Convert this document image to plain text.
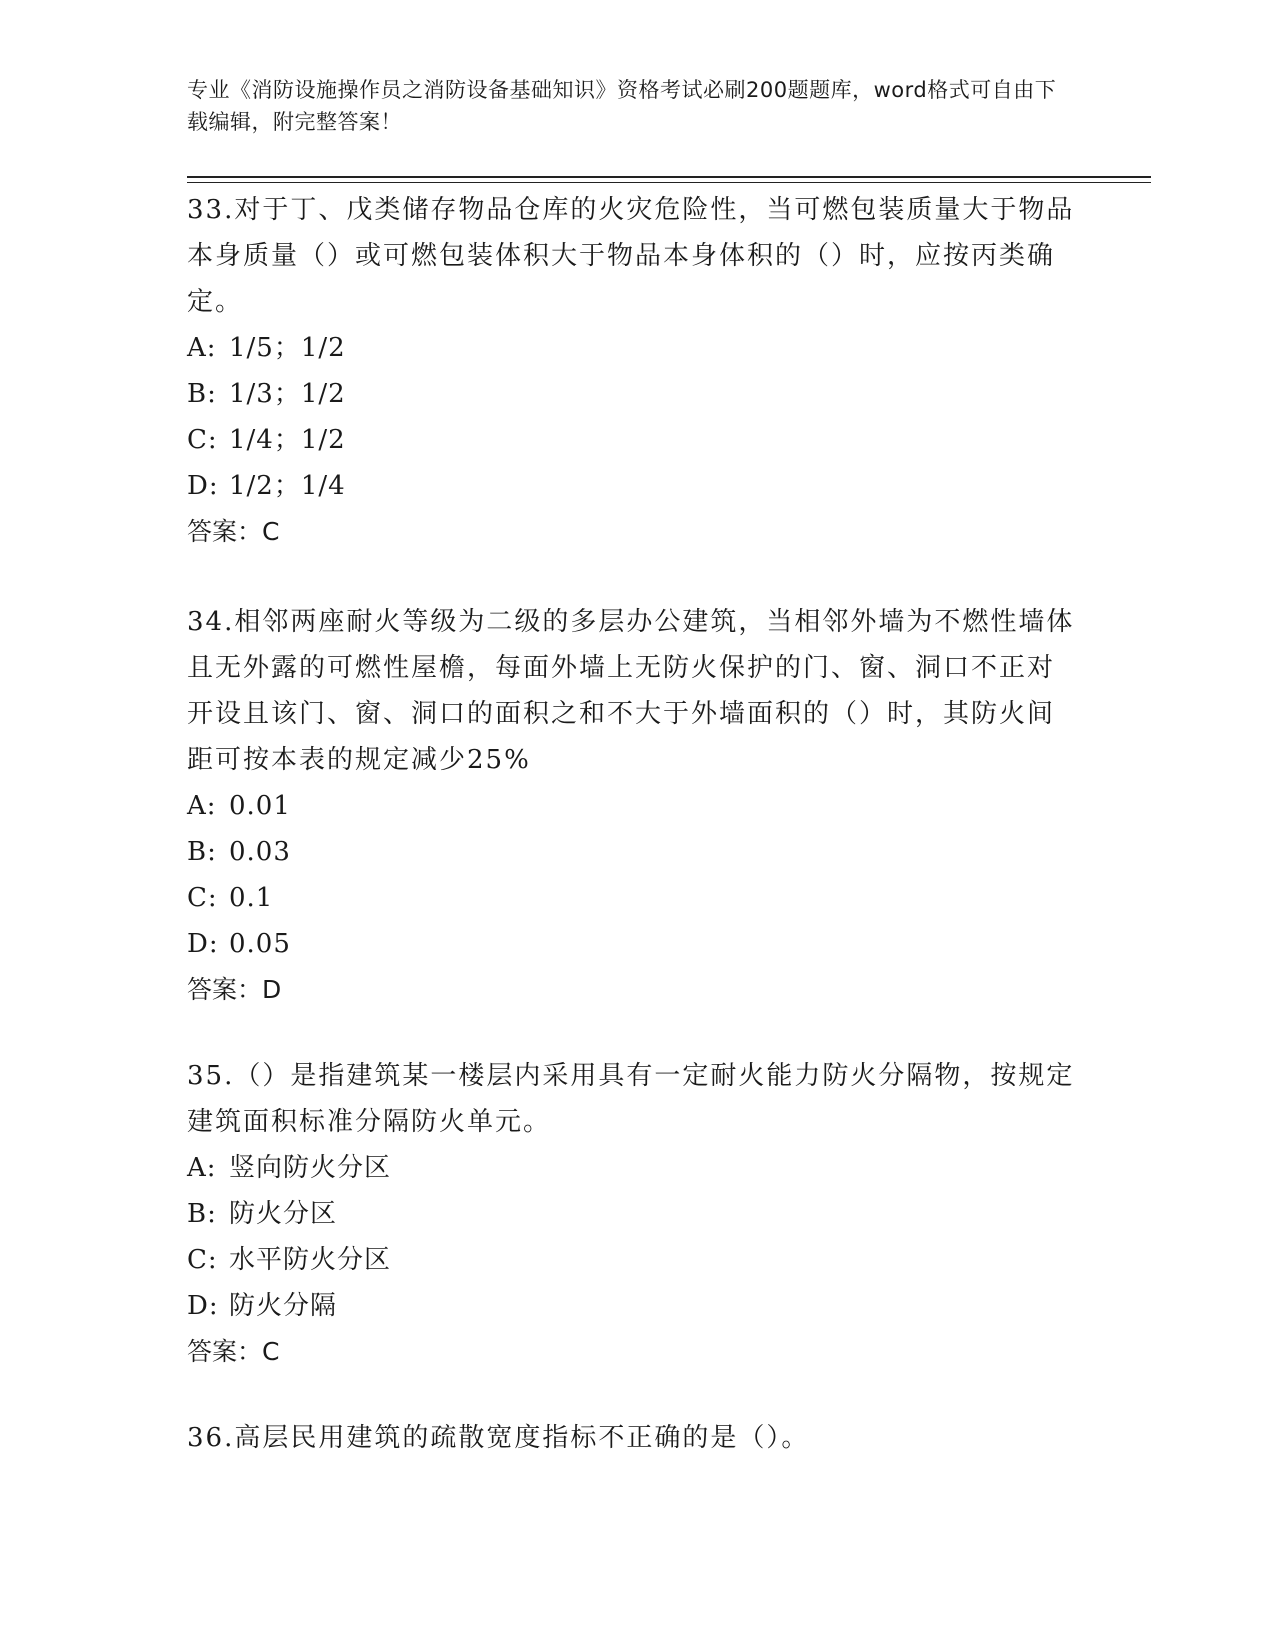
专业《消防设施操作员之消防设备基础知识》资格考试必刷200题题库，word格式可自由下载编辑，附完整答案！

33.对于丁、戊类储存物品仓库的火灾危险性，当可燃包装质量大于物品本身质量（）或可燃包装体积大于物品本身体积的（）时，应按丙类确定。

A: 1/5；1/2

B: 1/3；1/2

C: 1/4；1/2

D: 1/2；1/4

答案：C

34.相邻两座耐火等级为二级的多层办公建筑，当相邻外墙为不燃性墙体且无外露的可燃性屋檐，每面外墙上无防火保护的门、窗、洞口不正对开设且该门、窗、洞口的面积之和不大于外墙面积的（）时，其防火间距可按本表的规定减少25%

A: 0.01

B: 0.03

C: 0.1

D: 0.05

答案：D

35.（）是指建筑某一楼层内采用具有一定耐火能力防火分隔物，按规定建筑面积标准分隔防火单元。

A: 竖向防火分区

B: 防火分区

C: 水平防火分区

D: 防火分隔

答案：C

36.高层民用建筑的疏散宽度指标不正确的是（）。
